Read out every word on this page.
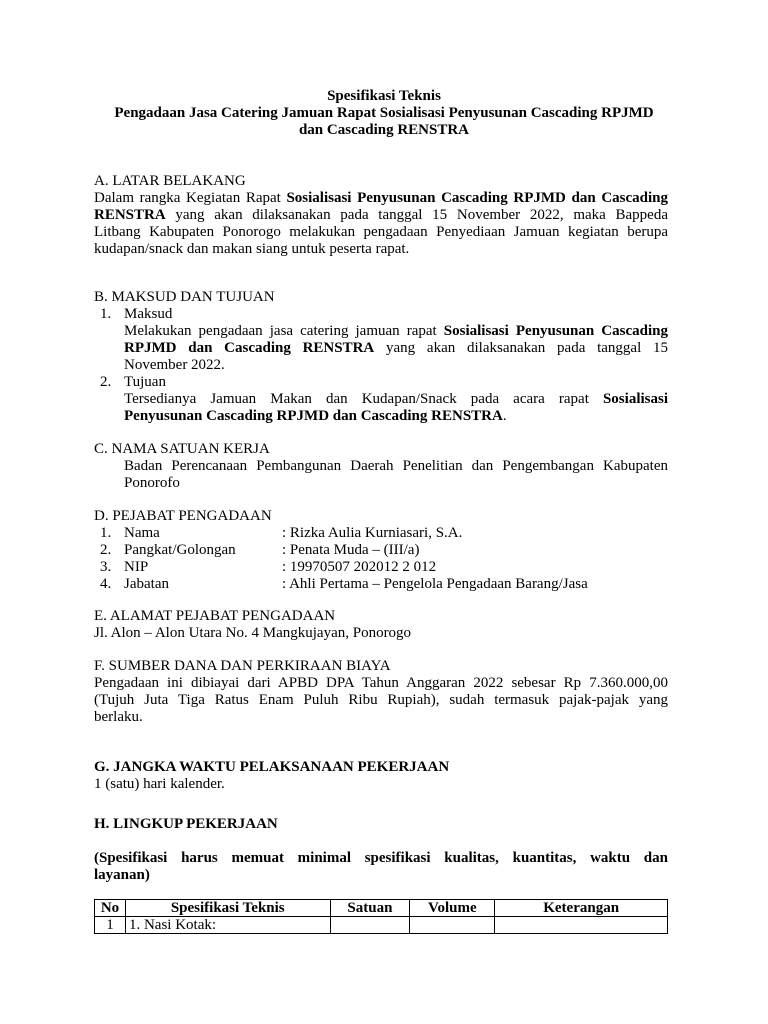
Spesifikasi Teknis
Pengadaan Jasa Catering Jamuan Rapat Sosialisasi Penyusunan Cascading RPJMD
dan Cascading RENSTRA
A. LATAR BELAKANG
Dalam rangka Kegiatan Rapat Sosialisasi Penyusunan Cascading RPJMD dan Cascading
RENSTRA yang akan dilaksanakan pada tanggal 15 November 2022, maka Bappeda
Litbang Kabupaten Ponorogo melakukan pengadaan Penyediaan Jamuan kegiatan berupa
kudapan/snack dan makan siang untuk peserta rapat.
B. MAKSUD DAN TUJUAN
1. Maksud
Melakukan pengadaan jasa catering jamuan rapat Sosialisasi Penyusunan Cascading
RPJMD dan Cascading RENSTRA yang akan dilaksanakan pada tanggal 15
November 2022.
2. Tujuan
Tersedianya Jamuan Makan dan Kudapan/Snack pada acara rapat Sosialisasi
Penyusunan Cascading RPJMD dan Cascading RENSTRA.
C. NAMA SATUAN KERJA
Badan Perencanaan Pembangunan Daerah Penelitian dan Pengembangan Kabupaten
Ponorofo
D. PEJABAT PENGADAAN
1. Nama	: Rizka Aulia Kurniasari, S.A.
2. Pangkat/Golongan	: Penata Muda – (III/a)
3. NIP	: 19970507 202012 2 012
4. Jabatan	: Ahli Pertama – Pengelola Pengadaan Barang/Jasa
E. ALAMAT PEJABAT PENGADAAN
Jl. Alon – Alon Utara No. 4 Mangkujayan, Ponorogo
F. SUMBER DANA DAN PERKIRAAN BIAYA
Pengadaan ini dibiayai dari APBD DPA Tahun Anggaran 2022 sebesar Rp 7.360.000,00
(Tujuh Juta Tiga Ratus Enam Puluh Ribu Rupiah), sudah termasuk pajak-pajak yang
berlaku.
G. JANGKA WAKTU PELAKSANAAN PEKERJAAN
1 (satu) hari kalender.
H. LINGKUP PEKERJAAN
(Spesifikasi harus memuat minimal spesifikasi kualitas, kuantitas, waktu dan
layanan)
No	Spesifikasi Teknis	Satuan	Volume	Keterangan
1	1. Nasi Kotak:			
